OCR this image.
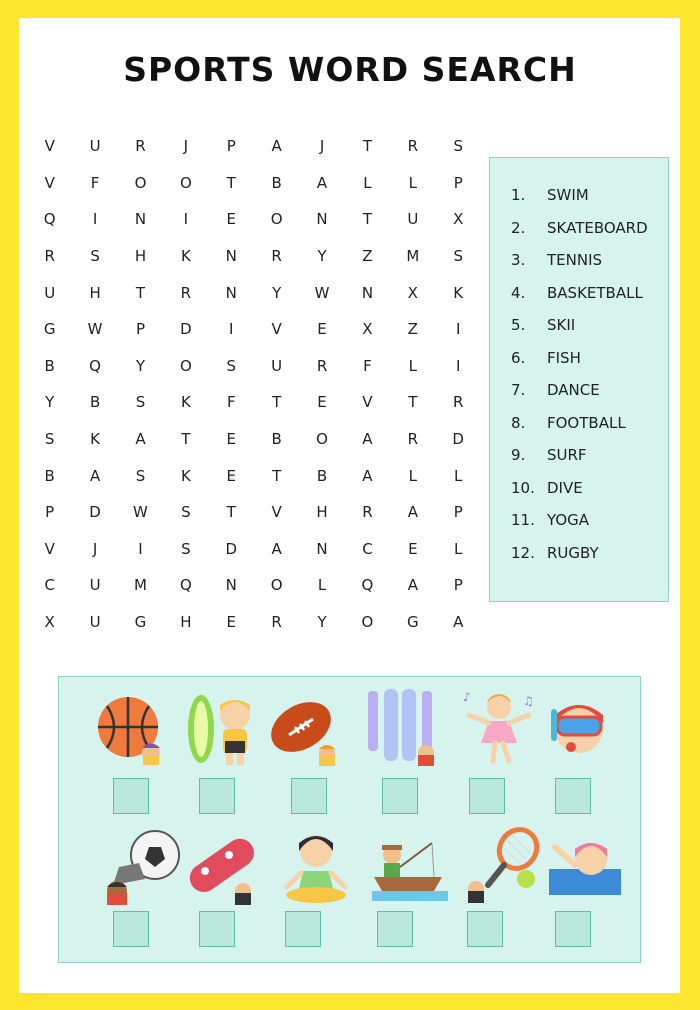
SPORTS WORD SEARCH
V	U	R	J	P	A	J	T	R	S
V	F	O	O	T	B	A	L	L	P
Q	I	N	I	E	O	N	T	U	X
R	S	H	K	N	R	Y	Z	M	S
U	H	T	R	N	Y	W	N	X	K
G	W	P	D	I	V	E	X	Z	I
B	Q	Y	O	S	U	R	F	L	I
Y	B	S	K	F	T	E	V	T	R
S	K	A	T	E	B	O	A	R	D
B	A	S	K	E	T	B	A	L	L
P	D	W	S	T	V	H	R	A	P
V	J	I	S	D	A	N	C	E	L
C	U	M	Q	N	O	L	Q	A	P
X	U	G	H	E	R	Y	O	G	A
1.	SWIM
2.	SKATEBOARD
3.	TENNIS
4.	BASKETBALL
5.	SKII
6.	FISH
7.	DANCE
8.	FOOTBALL
9.	SURF
10. DIVE
11. YOGA
12. RUGBY
♪	♫
